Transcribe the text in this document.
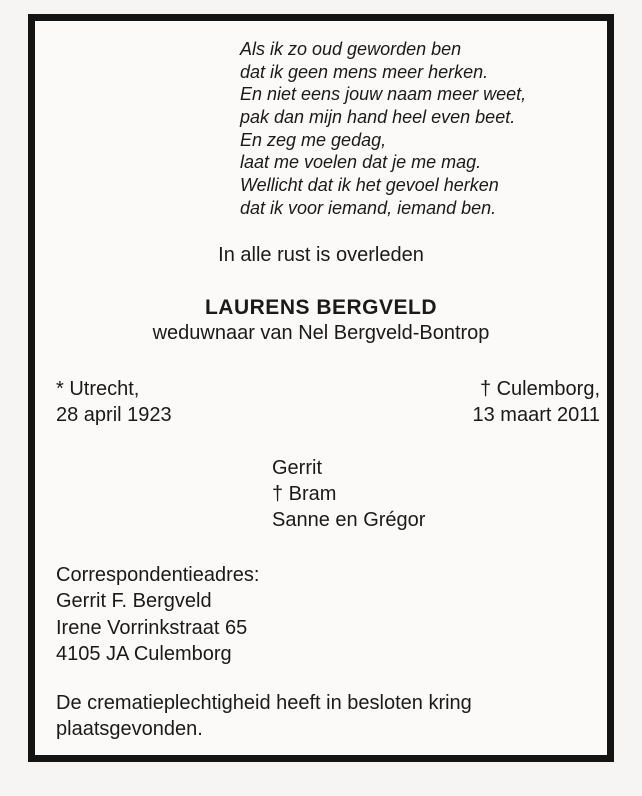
Als ik zo oud geworden ben
dat ik geen mens meer herken.
En niet eens jouw naam meer weet,
pak dan mijn hand heel even beet.
En zeg me gedag,
laat me voelen dat je me mag.
Wellicht dat ik het gevoel herken
dat ik voor iemand, iemand ben.
In alle rust is overleden
LAURENS BERGVELD
weduwnaar van Nel Bergveld-Bontrop
* Utrecht,
28 april 1923
† Culemborg,
13 maart 2011
Gerrit
† Bram
Sanne en Grégor
Correspondentieadres:
Gerrit F. Bergveld
Irene Vorrinkstraat 65
4105 JA Culemborg
De crematieplechtigheid heeft in besloten kring plaatsgevonden.
